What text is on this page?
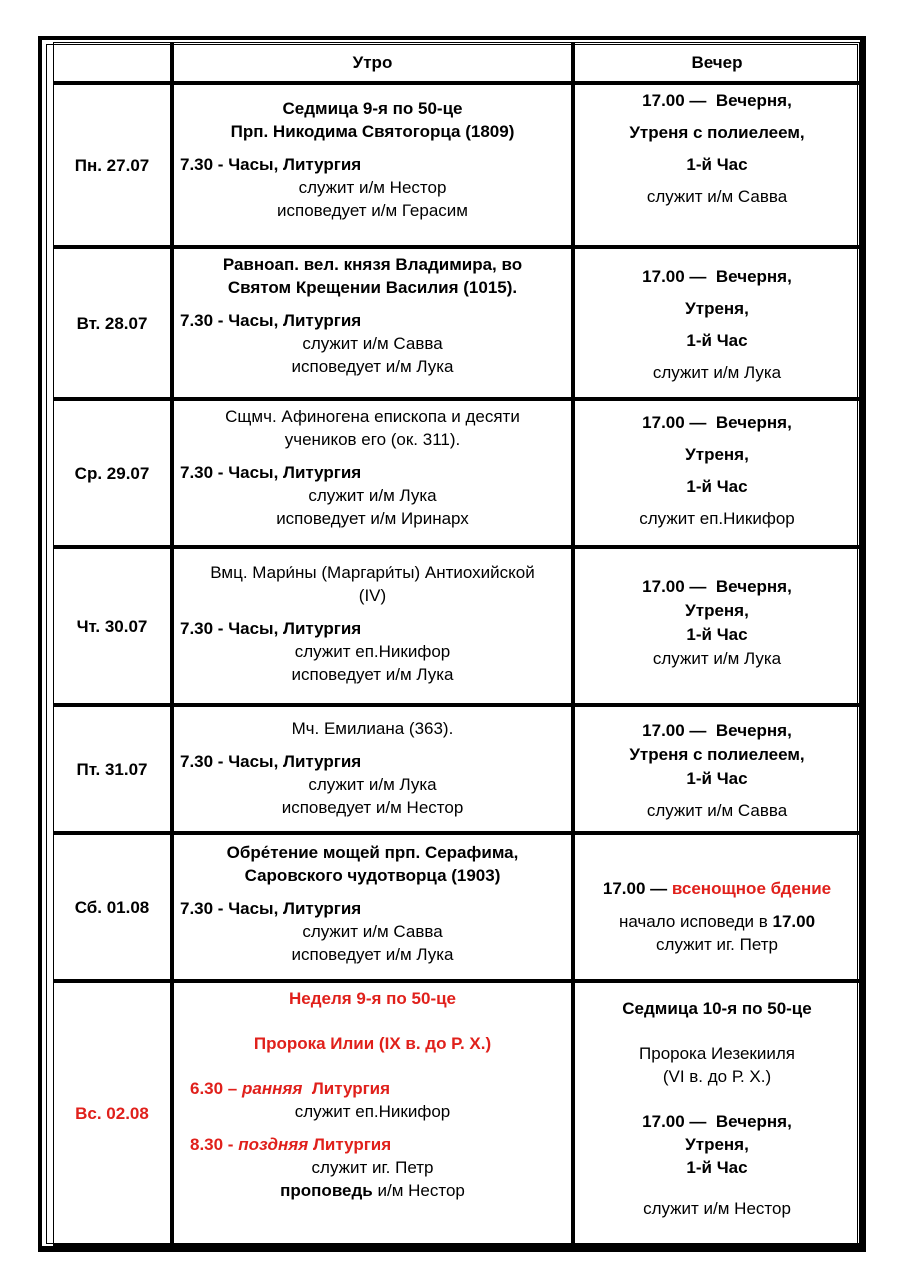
Утро	Вечер
Пн. 27.07
Седмица 9-я по 50-це
Прп. Никодима Святогорца (1809)
7.30 - Часы, Литургия
служит и/м Нестор
исповедует и/м Герасим
17.00 — Вечерня,
Утреня с полиелеем,
1-й Час
служит и/м Савва
Вт. 28.07
Равноап. вел. князя Владимира, во
Святом Крещении Василия (1015).
7.30 - Часы, Литургия
служит и/м Савва
исповедует и/м Лука
17.00 — Вечерня,
Утреня,
1-й Час
служит и/м Лука
Ср. 29.07
Сщмч. Афиногена епископа и десяти
учеников его (ок. 311).
7.30 - Часы, Литургия
служит и/м Лука
исповедует и/м Иринарх
17.00 — Вечерня,
Утреня,
1-й Час
служит еп.Никифор
Чт. 30.07
Вмц. Мари́ны (Маргари́ты) Антиохийской
(IV)
7.30 - Часы, Литургия
служит еп.Никифор
исповедует и/м Лука
17.00 — Вечерня,
Утреня,
1-й Час
служит и/м Лука
Пт. 31.07
Мч. Емилиана (363).
7.30 - Часы, Литургия
служит и/м Лука
исповедует и/м Нестор
17.00 — Вечерня,
Утреня с полиелеем,
1-й Час
служит и/м Савва
Сб. 01.08
Обре́тение мощей прп. Серафима,
Саровского чудотворца (1903)
7.30 - Часы, Литургия
служит и/м Савва
исповедует и/м Лука
17.00 — всенощное бдение
начало исповеди в 17.00
служит иг. Петр
Вс. 02.08
Неделя 9-я по 50-це
Пророка Илии (IX в. до Р. Х.)
6.30 – ранняя Литургия
служит еп.Никифор
8.30 - поздняя Литургия
служит иг. Петр
проповедь и/м Нестор
Седмица 10-я по 50-це
Пророка Иезекииля
(VI в. до Р. Х.)
17.00 — Вечерня,
Утреня,
1-й Час
служит и/м Нестор
